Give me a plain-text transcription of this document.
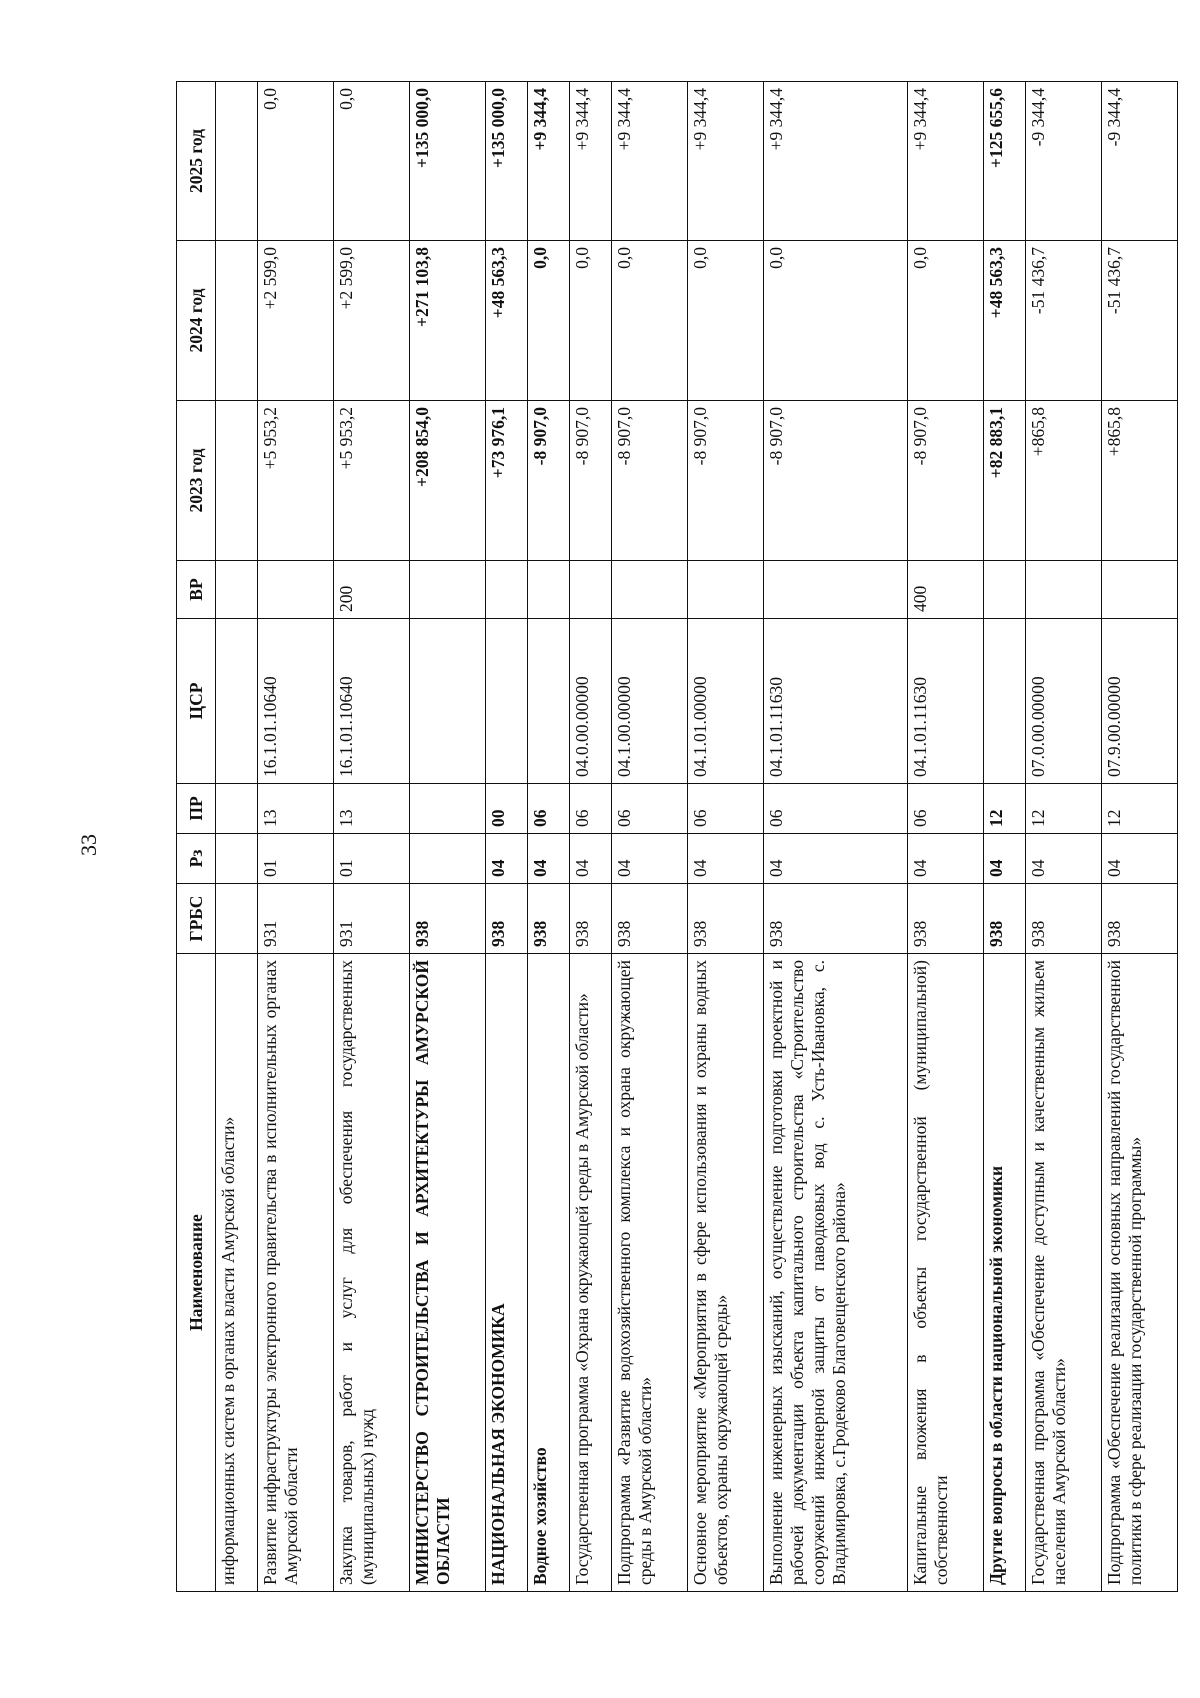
33
Наименование	ГРБС	Рз	ПР	ЦСР	ВР	2023 год	2024 год	2025 год
информационных систем в органах власти Амурской области»								
Развитие инфраструктуры электронного правительства в исполнительных органах Амурской области	931	01	13	16.1.01.10640		+5 953,2	+2 599,0	0,0
Закупка товаров, работ и услуг для обеспечения государственных (муниципальных) нужд	931	01	13	16.1.01.10640	200	+5 953,2	+2 599,0	0,0
МИНИСТЕРСТВО СТРОИТЕЛЬСТВА И АРХИТЕКТУРЫ АМУРСКОЙ ОБЛАСТИ	938					+208 854,0	+271 103,8	+135 000,0
НАЦИОНАЛЬНАЯ ЭКОНОМИКА	938	04	00			+73 976,1	+48 563,3	+135 000,0
Водное хозяйство	938	04	06			-8 907,0	0,0	+9 344,4
Государственная программа «Охрана окружающей среды в Амурской области»	938	04	06	04.0.00.00000		-8 907,0	0,0	+9 344,4
Подпрограмма «Развитие водохозяйственного комплекса и охрана окружающей среды в Амурской области»	938	04	06	04.1.00.00000		-8 907,0	0,0	+9 344,4
Основное мероприятие «Мероприятия в сфере использования и охраны водных объектов, охраны окружающей среды»	938	04	06	04.1.01.00000		-8 907,0	0,0	+9 344,4
Выполнение инженерных изысканий, осуществление подготовки проектной и рабочей документации объекта капитального строительства «Строительство сооружений инженерной защиты от паводковых вод с. Усть-Ивановка, с. Владимировка, с.Гродеково Благовещенского района»	938	04	06	04.1.01.11630		-8 907,0	0,0	+9 344,4
Капитальные вложения в объекты государственной (муниципальной) собственности	938	04	06	04.1.01.11630	400	-8 907,0	0,0	+9 344,4
Другие вопросы в области национальной экономики	938	04	12			+82 883,1	+48 563,3	+125 655,6
Государственная программа «Обеспечение доступным и качественным жильем населения Амурской области»	938	04	12	07.0.00.00000		+865,8	-51 436,7	-9 344,4
Подпрограмма «Обеспечение реализации основных направлений государственной политики в сфере реализации государственной программы»	938	04	12	07.9.00.00000		+865,8	-51 436,7	-9 344,4
